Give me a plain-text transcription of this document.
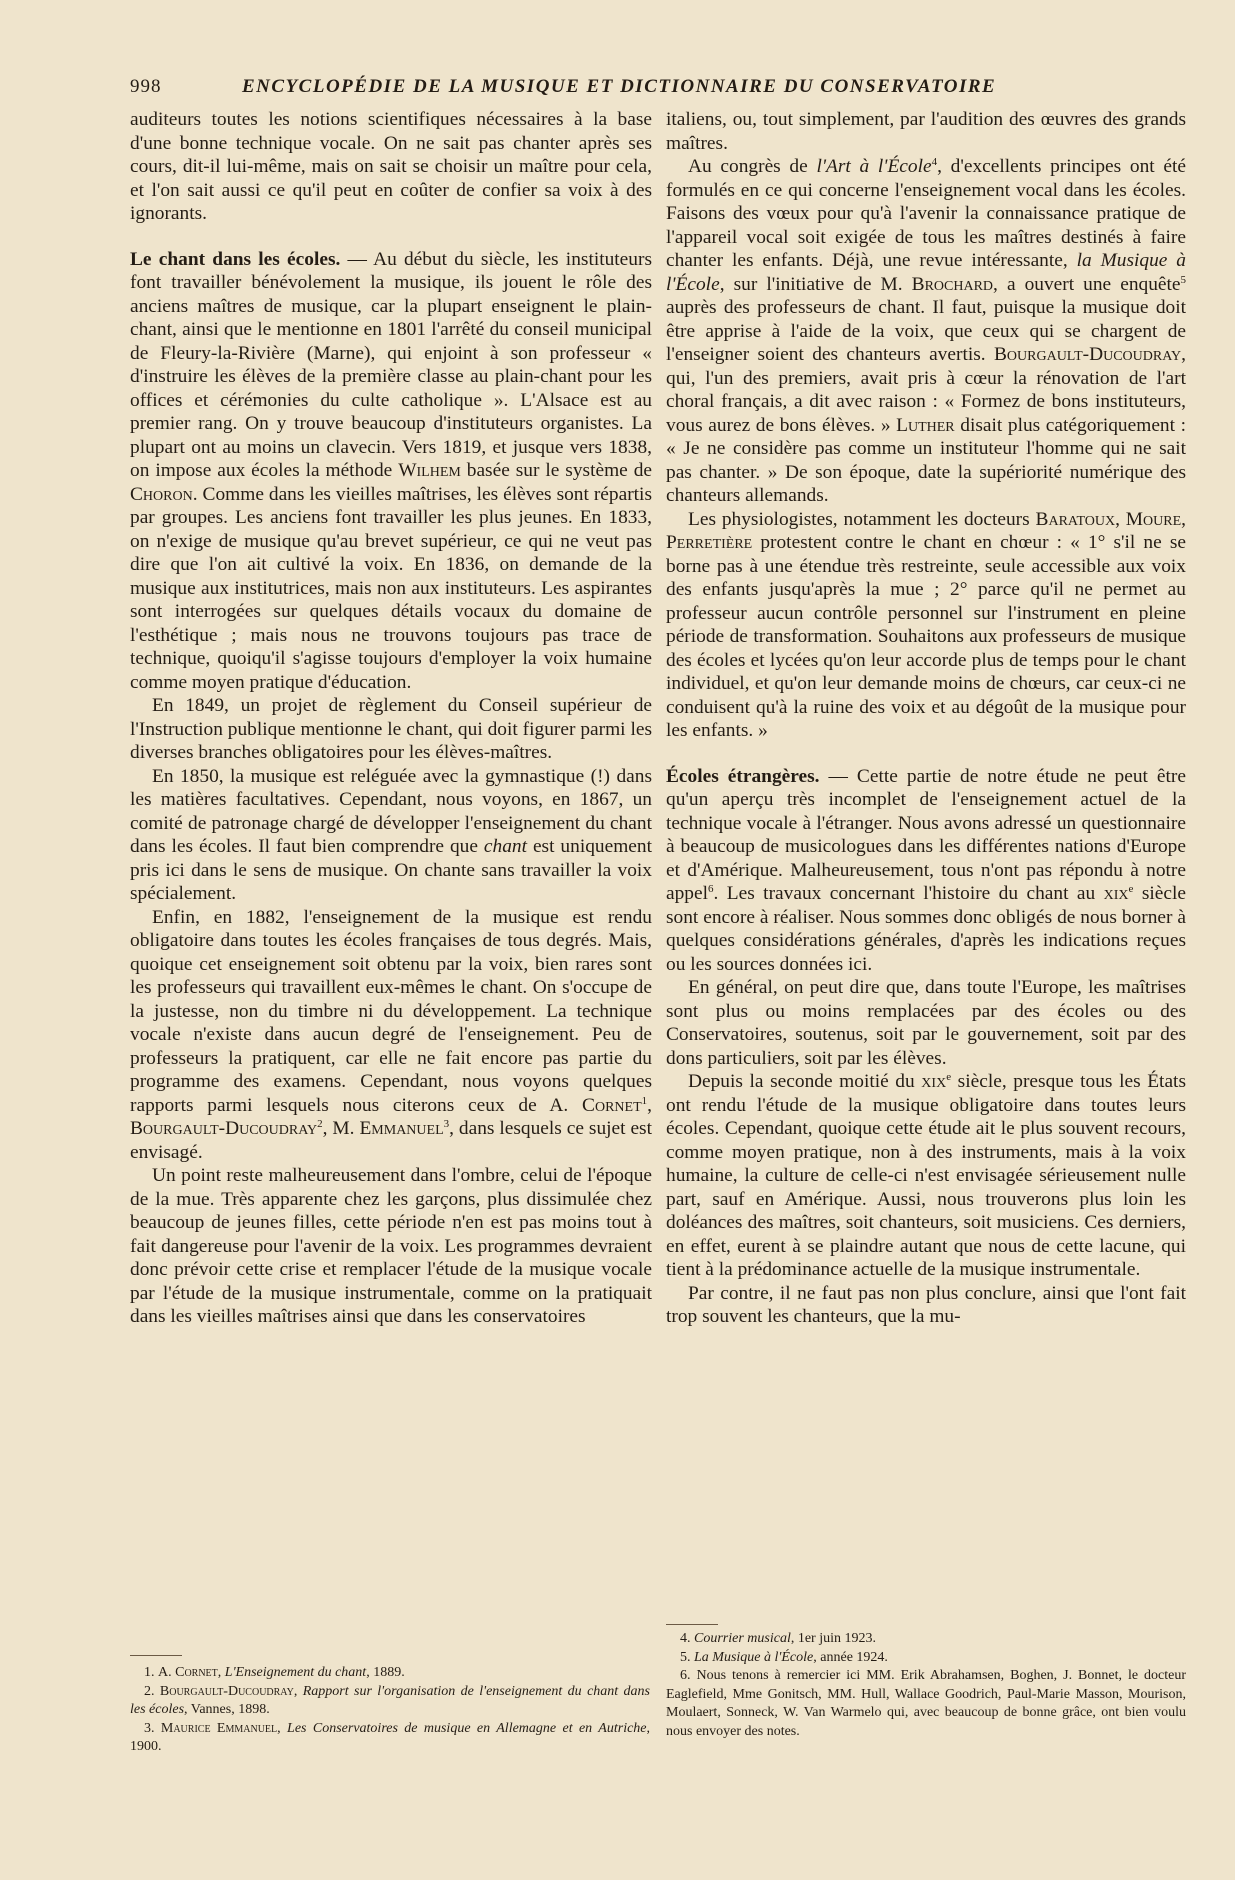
998	ENCYCLOPÉDIE DE LA MUSIQUE ET DICTIONNAIRE DU CONSERVATOIRE

auditeurs toutes les notions scientifiques nécessaires à la base d'une bonne technique vocale. On ne sait pas chanter après ses cours, dit-il lui-même, mais on sait se choisir un maître pour cela, et l'on sait aussi ce qu'il peut en coûter de confier sa voix à des ignorants.

Le chant dans les écoles. — Au début du siècle, les instituteurs font travailler bénévolement la musique, ils jouent le rôle des anciens maîtres de musique, car la plupart enseignent le plain-chant, ainsi que le mentionne en 1801 l'arrêté du conseil municipal de Fleury-la-Rivière (Marne), qui enjoint à son professeur « d'instruire les élèves de la première classe au plain-chant pour les offices et cérémonies du culte catholique ». L'Alsace est au premier rang. On y trouve beaucoup d'instituteurs organistes. La plupart ont au moins un clavecin. Vers 1819, et jusque vers 1838, on impose aux écoles la méthode Wilhem basée sur le système de Choron. Comme dans les vieilles maîtrises, les élèves sont répartis par groupes. Les anciens font travailler les plus jeunes. En 1833, on n'exige de musique qu'au brevet supérieur, ce qui ne veut pas dire que l'on ait cultivé la voix. En 1836, on demande de la musique aux institutrices, mais non aux instituteurs. Les aspirantes sont interrogées sur quelques détails vocaux du domaine de l'esthétique ; mais nous ne trouvons toujours pas trace de technique, quoiqu'il s'agisse toujours d'employer la voix humaine comme moyen pratique d'éducation.

En 1849, un projet de règlement du Conseil supérieur de l'Instruction publique mentionne le chant, qui doit figurer parmi les diverses branches obligatoires pour les élèves-maîtres.

En 1850, la musique est reléguée avec la gymnastique (!) dans les matières facultatives. Cependant, nous voyons, en 1867, un comité de patronage chargé de développer l'enseignement du chant dans les écoles. Il faut bien comprendre que chant est uniquement pris ici dans le sens de musique. On chante sans travailler la voix spécialement.

Enfin, en 1882, l'enseignement de la musique est rendu obligatoire dans toutes les écoles françaises de tous degrés. Mais, quoique cet enseignement soit obtenu par la voix, bien rares sont les professeurs qui travaillent eux-mêmes le chant. On s'occupe de la justesse, non du timbre ni du développement. La technique vocale n'existe dans aucun degré de l'enseignement. Peu de professeurs la pratiquent, car elle ne fait encore pas partie du programme des examens. Cependant, nous voyons quelques rapports parmi lesquels nous citerons ceux de A. Cornet$^1$, Bourgault-Ducoudray$^2$, M. Emmanuel$^3$, dans lesquels ce sujet est envisagé.

Un point reste malheureusement dans l'ombre, celui de l'époque de la mue. Très apparente chez les garçons, plus dissimulée chez beaucoup de jeunes filles, cette période n'en est pas moins tout à fait dangereuse pour l'avenir de la voix. Les programmes devraient donc prévoir cette crise et remplacer l'étude de la musique vocale par l'étude de la musique instrumentale, comme on la pratiquait dans les vieilles maîtrises ainsi que dans les conservatoires

italiens, ou, tout simplement, par l'audition des œuvres des grands maîtres.

Au congrès de l'Art à l'École$^4$, d'excellents principes ont été formulés en ce qui concerne l'enseignement vocal dans les écoles. Faisons des vœux pour qu'à l'avenir la connaissance pratique de l'appareil vocal soit exigée de tous les maîtres destinés à faire chanter les enfants. Déjà, une revue intéressante, la Musique à l'École, sur l'initiative de M. Brochard, a ouvert une enquête$^5$ auprès des professeurs de chant. Il faut, puisque la musique doit être apprise à l'aide de la voix, que ceux qui se chargent de l'enseigner soient des chanteurs avertis. Bourgault-Ducoudray, qui, l'un des premiers, avait pris à cœur la rénovation de l'art choral français, a dit avec raison : « Formez de bons instituteurs, vous aurez de bons élèves. » Luther disait plus catégoriquement : « Je ne considère pas comme un instituteur l'homme qui ne sait pas chanter. » De son époque, date la supériorité numérique des chanteurs allemands.

Les physiologistes, notamment les docteurs Baratoux, Moure, Perretière protestent contre le chant en chœur : « 1° s'il ne se borne pas à une étendue très restreinte, seule accessible aux voix des enfants jusqu'après la mue ; 2° parce qu'il ne permet au professeur aucun contrôle personnel sur l'instrument en pleine période de transformation. Souhaitons aux professeurs de musique des écoles et lycées qu'on leur accorde plus de temps pour le chant individuel, et qu'on leur demande moins de chœurs, car ceux-ci ne conduisent qu'à la ruine des voix et au dégoût de la musique pour les enfants. »

Écoles étrangères. — Cette partie de notre étude ne peut être qu'un aperçu très incomplet de l'enseignement actuel de la technique vocale à l'étranger. Nous avons adressé un questionnaire à beaucoup de musicologues dans les différentes nations d'Europe et d'Amérique. Malheureusement, tous n'ont pas répondu à notre appel$^6$. Les travaux concernant l'histoire du chant au xix$^e$ siècle sont encore à réaliser. Nous sommes donc obligés de nous borner à quelques considérations générales, d'après les indications reçues ou les sources données ici.

En général, on peut dire que, dans toute l'Europe, les maîtrises sont plus ou moins remplacées par des écoles ou des Conservatoires, soutenus, soit par le gouvernement, soit par des dons particuliers, soit par les élèves.

Depuis la seconde moitié du xix$^e$ siècle, presque tous les États ont rendu l'étude de la musique obligatoire dans toutes leurs écoles. Cependant, quoique cette étude ait le plus souvent recours, comme moyen pratique, non à des instruments, mais à la voix humaine, la culture de celle-ci n'est envisagée sérieusement nulle part, sauf en Amérique. Aussi, nous trouverons plus loin les doléances des maîtres, soit chanteurs, soit musiciens. Ces derniers, en effet, eurent à se plaindre autant que nous de cette lacune, qui tient à la prédominance actuelle de la musique instrumentale.

Par contre, il ne faut pas non plus conclure, ainsi que l'ont fait trop souvent les chanteurs, que la mu-

1. A. Cornet, L'Enseignement du chant, 1889.

2. Bourgault-Ducoudray, Rapport sur l'organisation de l'enseignement du chant dans les écoles, Vannes, 1898.

3. Maurice Emmanuel, Les Conservatoires de musique en Allemagne et en Autriche, 1900.

4. Courrier musical, 1er juin 1923.

5. La Musique à l'École, année 1924.

6. Nous tenons à remercier ici MM. Erik Abrahamsen, Boghen, J. Bonnet, le docteur Eaglefield, Mme Gonitsch, MM. Hull, Wallace Goodrich, Paul-Marie Masson, Mourison, Moulaert, Sonneck, W. Van Warmelo qui, avec beaucoup de bonne grâce, ont bien voulu nous envoyer des notes.
